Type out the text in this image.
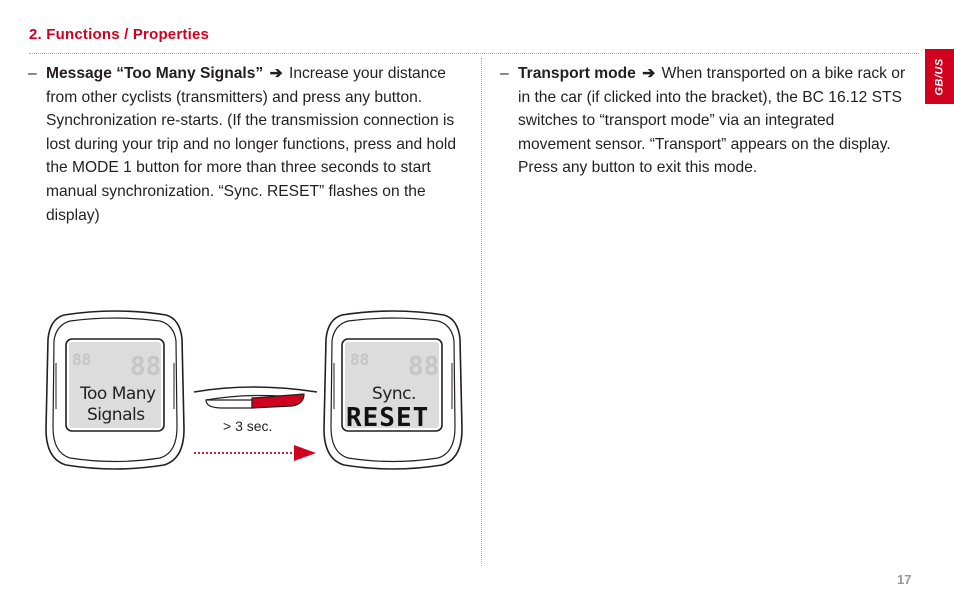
2. Functions / Properties
GB/US
– Message “Too Many Signals” ➔ Increase your distance from other cyclists (transmitters) and press any button. Synchronization re-starts. (If the transmission connection is lost during your trip and no longer functions, press and hold the MODE 1 button for more than three seconds to start manual synchronization. “Sync. RESET” flashes on the display)
– Transport mode ➔ When transported on a bike rack or in the car (if clicked into the bracket), the BC 16.12 STS switches to “transport mode” via an integrated movement sensor. “Transport” appears on the display. Press any button to exit this mode.
88
88
Too Many
Signals
> 3 sec.
88
88
Sync.
RESET
17
